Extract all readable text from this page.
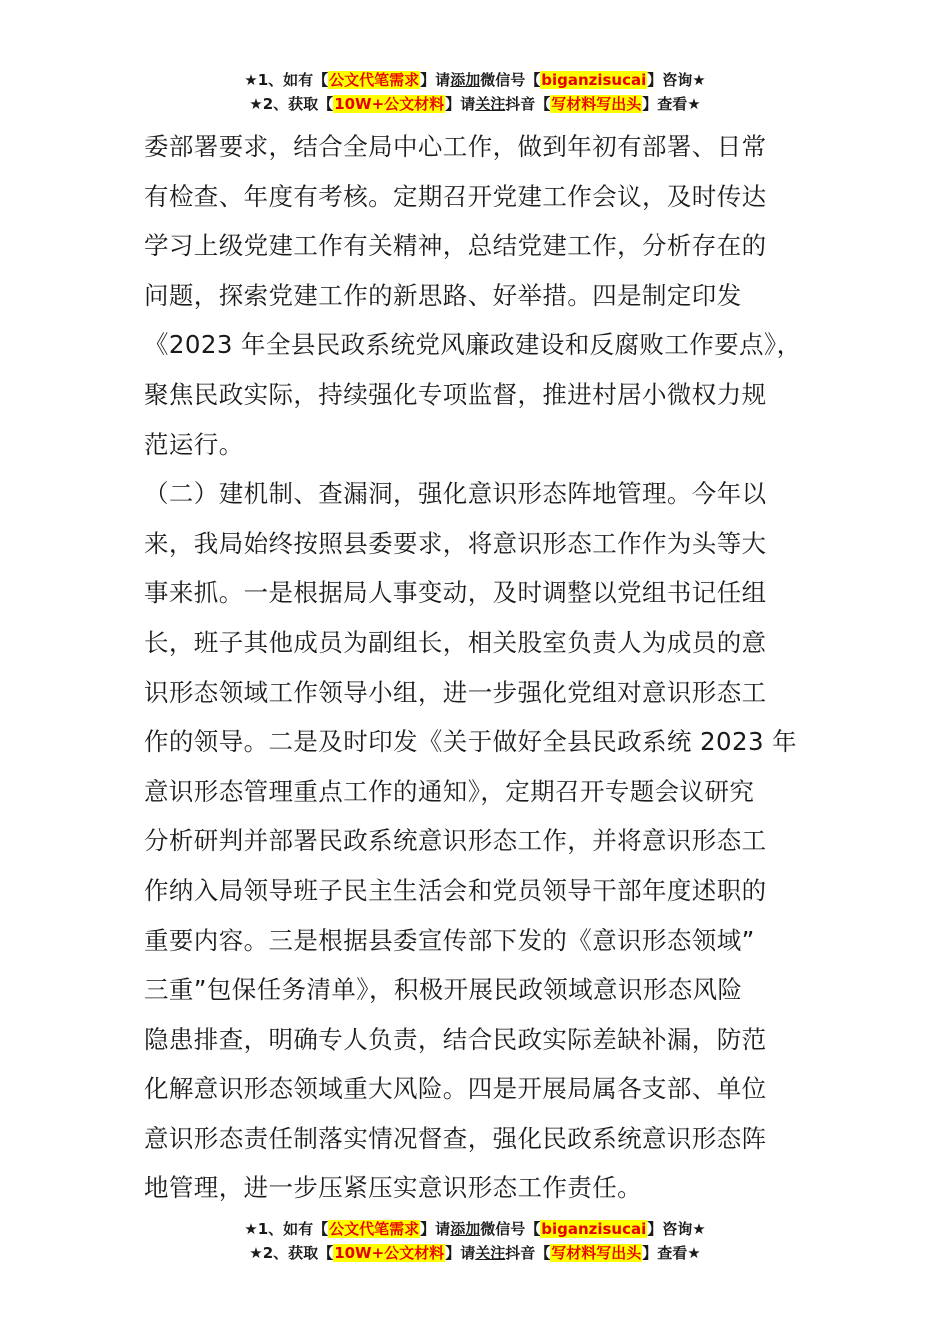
★1、如有【公文代笔需求】请添加微信号【biganzisucai】咨询★
★2、获取【10W+公文材料】请关注抖音【写材料写出头】查看★
委部署要求，结合全局中心工作，做到年初有部署、日常
有检查、年度有考核。定期召开党建工作会议，及时传达
学习上级党建工作有关精神，总结党建工作，分析存在的
问题，探索党建工作的新思路、好举措。四是制定印发
《2023 年全县民政系统党风廉政建设和反腐败工作要点》，
聚焦民政实际，持续强化专项监督，推进村居小微权力规
范运行。
（二）建机制、查漏洞，强化意识形态阵地管理。今年以
来，我局始终按照县委要求，将意识形态工作作为头等大
事来抓。一是根据局人事变动，及时调整以党组书记任组
长，班子其他成员为副组长，相关股室负责人为成员的意
识形态领域工作领导小组，进一步强化党组对意识形态工
作的领导。二是及时印发《关于做好全县民政系统 2023 年
意识形态管理重点工作的通知》，定期召开专题会议研究
分析研判并部署民政系统意识形态工作，并将意识形态工
作纳入局领导班子民主生活会和党员领导干部年度述职的
重要内容。三是根据县委宣传部下发的《意识形态领域”
三重”包保任务清单》，积极开展民政领域意识形态风险
隐患排查，明确专人负责，结合民政实际差缺补漏，防范
化解意识形态领域重大风险。四是开展局属各支部、单位
意识形态责任制落实情况督查，强化民政系统意识形态阵
地管理，进一步压紧压实意识形态工作责任。
★1、如有【公文代笔需求】请添加微信号【biganzisucai】咨询★
★2、获取【10W+公文材料】请关注抖音【写材料写出头】查看★
